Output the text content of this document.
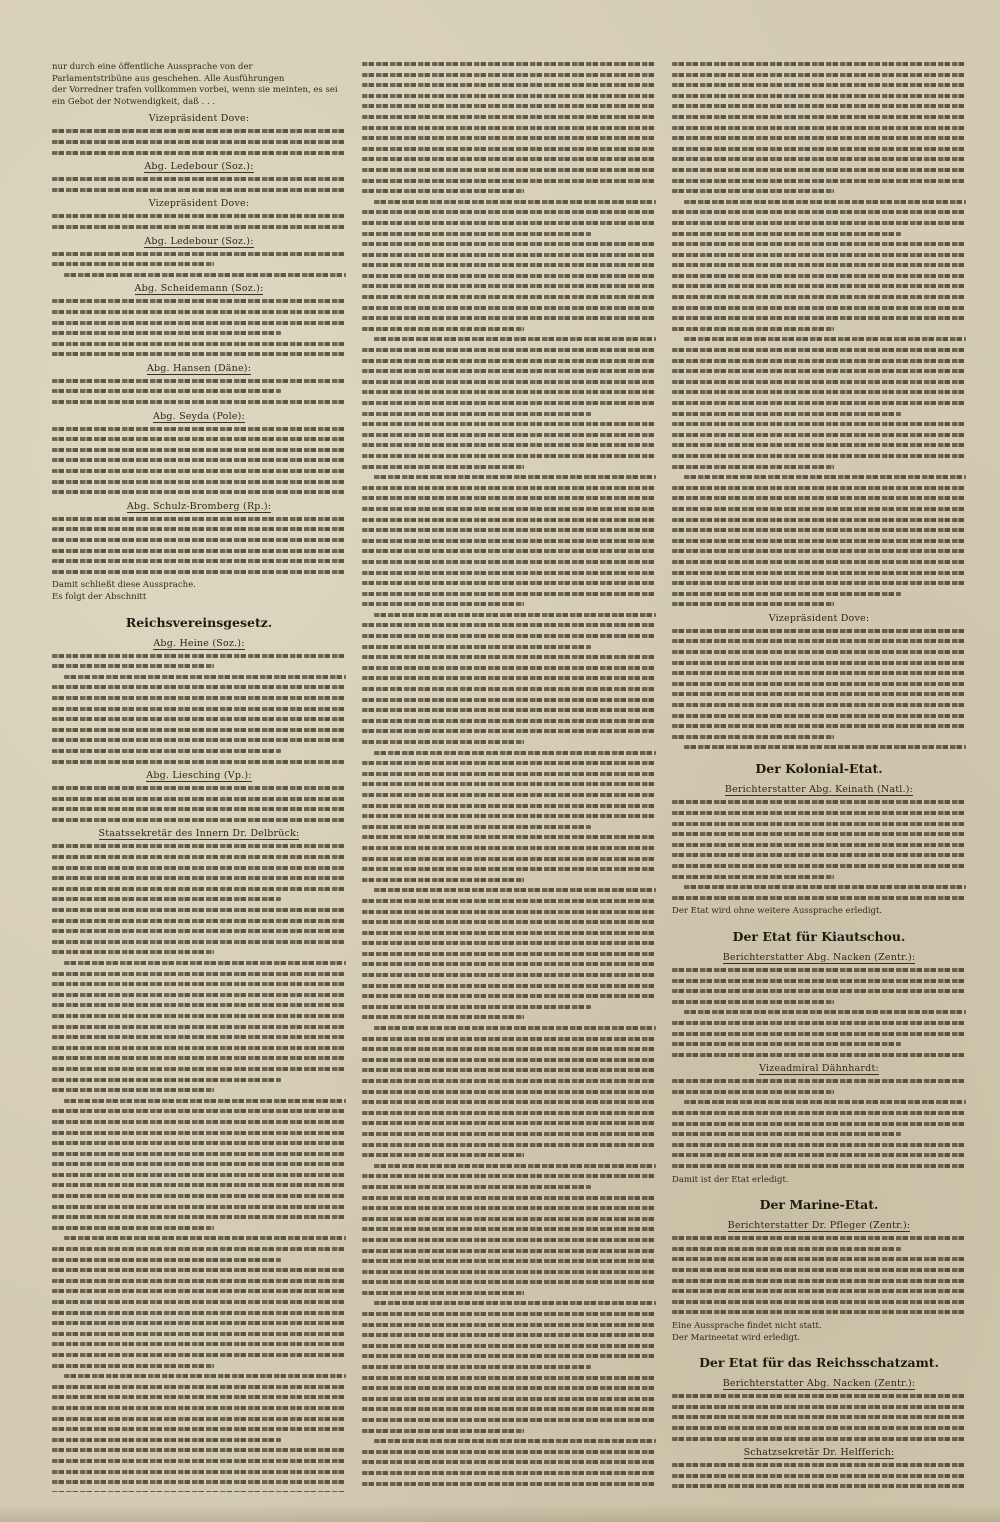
nur durch eine öffentliche Aussprache von der
Parlamentstribüne aus geschehen. Alle Ausführungen
der Vorredner trafen vollkommen vorbei, wenn sie meinten, es sei
ein Gebot der Notwendigkeit, daß . . .
Vizepräsident Dove:
Abg. Ledebour (Soz.):
Vizepräsident Dove:
Abg. Ledebour (Soz.):
Abg. Scheidemann (Soz.):
Abg. Hansen (Däne):
Abg. Seyda (Pole):
Abg. Schulz-Bromberg (Rp.):
Damit schließt diese Aussprache.
Es folgt der Abschnitt
Reichsvereinsgesetz.
Abg. Heine (Soz.):
Abg. Liesching (Vp.):
Staatssekretär des Innern Dr. Delbrück:
Vizepräsident Dove:
Der Kolonial-Etat.
Berichterstatter Abg. Keinath (Natl.):
Der Etat wird ohne weitere Aussprache erledigt.
Der Etat für Kiautschou.
Berichterstatter Abg. Nacken (Zentr.):
Vizeadmiral Dähnhardt:
Damit ist der Etat erledigt.
Der Marine-Etat.
Berichterstatter Dr. Pfleger (Zentr.):
Eine Aussprache findet nicht statt.
Der Marineetat wird erledigt.
Der Etat für das Reichsschatzamt.
Berichterstatter Abg. Nacken (Zentr.):
Schatzsekretär Dr. Helfferich:
